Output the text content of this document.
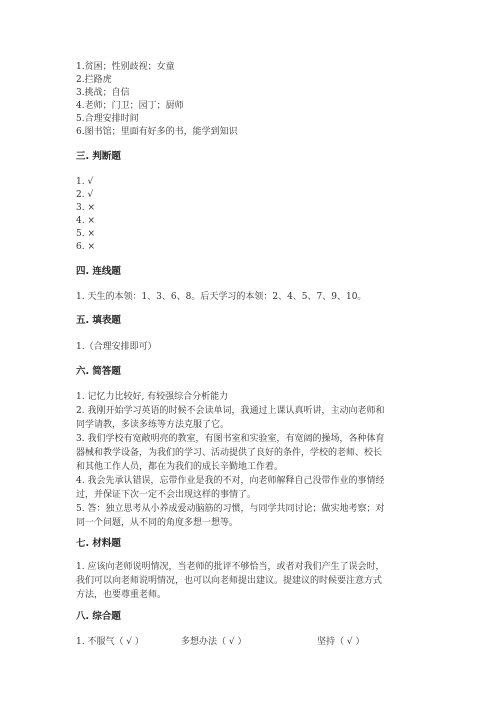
1.贫困；性别歧视；女童
2.拦路虎
3.挑战；自信
4.老师；门卫；园丁；厨师
5.合理安排时间
6.图书馆；里面有好多的书，能学到知识
三. 判断题
1. √
2. √
3. ×
4. ×
5. ×
6. ×
四. 连线题
1. 天生的本领：1、3、6、8。后天学习的本领：2、4、5、7、9、10。
五. 填表题
1.（合理安排即可）
六. 简答题
1. 记忆力比较好, 有较强综合分析能力
2. 我刚开始学习英语的时候不会读单词，我通过上课认真听讲，主动向老师和
同学请教，多读多练等方法克服了它。
3. 我们学校有宽敞明亮的教室，有图书室和实验室，有宽阔的操场，各种体育
器械和教学设备，为我们的学习、活动提供了良好的条件，学校的老师、校长
和其他工作人员，都在为我们的成长辛勤地工作着。
4. 我会先承认错误，忘带作业是我的不对，向老师解释自己没带作业的事情经
过，并保证下次一定不会出现这样的事情了。
5. 答：独立思考从小养成爱动脑筋的习惯，与同学共同讨论；做实地考察；对
同一个问题，从不同的角度多想一想等。
七. 材料题
1. 应该向老师说明情况，当老师的批评不够恰当，或者对我们产生了误会时，
我们可以向老师说明情况，也可以向老师提出建议。提建议的时候要注意方式
方法，也要尊重老师。
八. 综合题
1. 不服气（ √ ）	多想办法（ √ ）	坚持（ √ ）
